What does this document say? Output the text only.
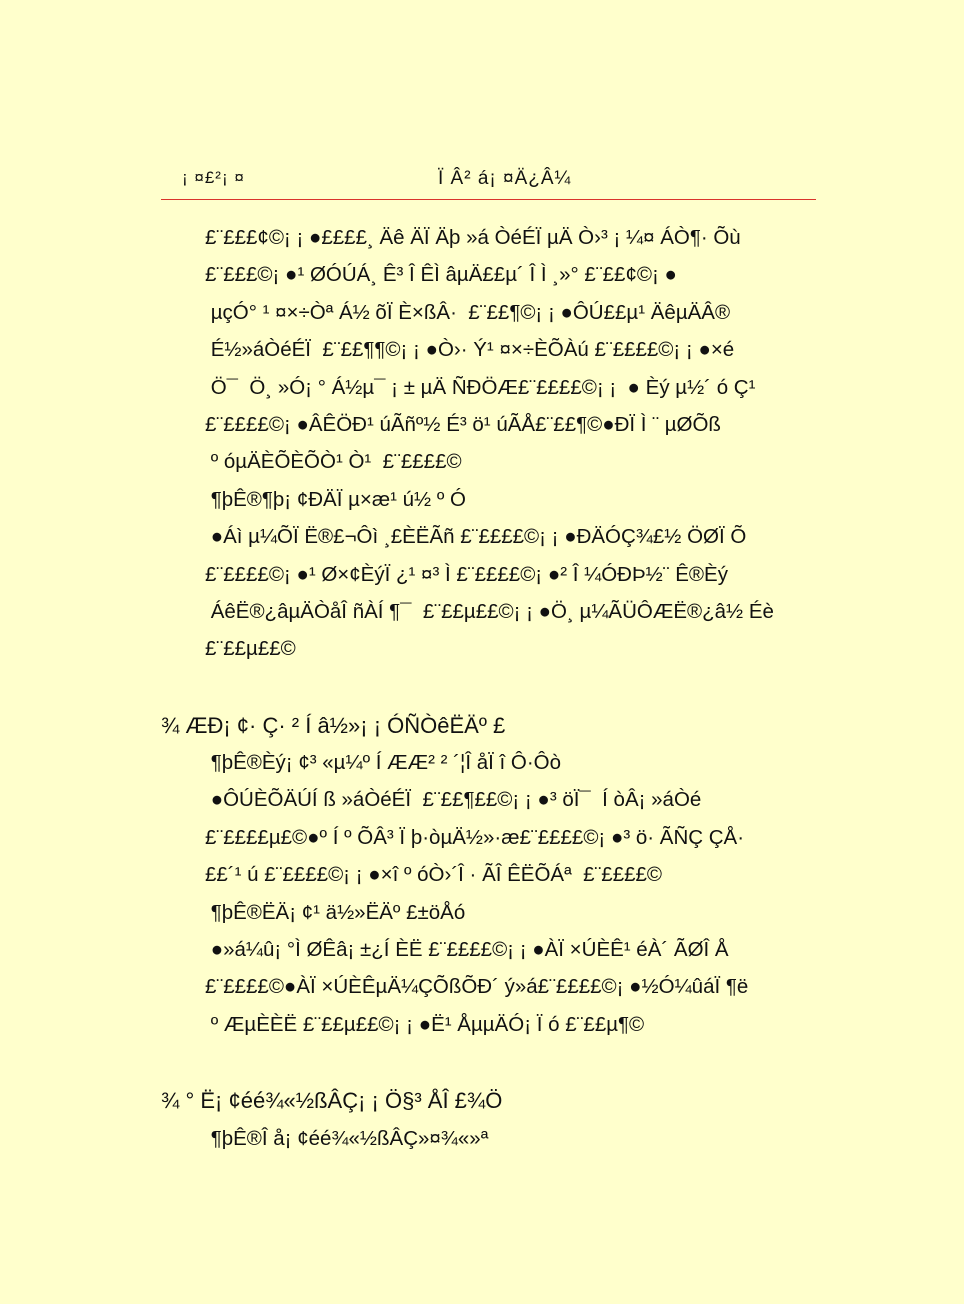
¡ ¤£²¡ ¤	Ï Â² á¡ ¤Ä¿Â¼
£¨£££¢©¡ ¡ ●££££¸ Äê ÄÏ Äþ »á ÒéÉÏ µÄ Ò›³ ¡ ¼¤ ÁÒ¶· Õù
£¨£££©¡ ●¹ ØÓÚÁ¸ Ê³ Î ÊÌ âµÄ££µ´ Î Ì ¸»° £¨££¢©¡ ●
µçÓ° ¹ ¤×÷Òª Á½ õÏ È×ßÂ·  £¨££¶©¡ ¡ ●ÔÚ££µ¹ ÄêµÄÂ®
É½»áÒéÉÏ  £¨££¶¶©¡ ¡ ●Ò›· Ý¹ ¤×÷ÈÕÀú £¨££££©¡ ¡ ●×é
Ö¯  Ö¸ »Ó¡ ° Á½µ¯ ¡ ± µÄ ÑÐÖÆ£¨££££©¡ ¡  ● Èý µ½´ ó Ç¹
£¨££££©¡ ●ÂÊÖÐ¹ úÃñº½ É³ ö¹ úÃÅ£¨££¶©●ÐÏ Ì ¨ µØÕß
º óµÄÈÕÈÕÒ¹ Ò¹  £¨££££©
¶þÊ®¶þ¡ ¢ÐÄÏ µ×æ¹ ú½ º Ó
●Áì µ¼ÕÏ Ë®£¬Ôì ¸£ÈËÃñ £¨££££©¡ ¡ ●ÐÄÓÇ¾£½ ÖØÏ Õ
£¨££££©¡ ●¹ Ø×¢ÈýÏ ¿¹ ¤³ Ì £¨££££©¡ ●² Î ¼ÓÐÞ½¨ Ê®Èý
ÁêË®¿âµÄÒåÎ ñÀÍ ¶¯  £¨££µ££©¡ ¡ ●Ö¸ µ¼ÃÜÔÆË®¿â½ Éè
£¨££µ££©
¾ ÆÐ¡ ¢· Ç· ² Í â½»¡ ¡ ÓÑÒêËÄº £
¶þÊ®Èý¡ ¢³ «µ¼º Í ÆÆ² ² ´¦Î åÏ î Ô·Ôò
●ÔÚÈÕÄÚÍ ß »áÒéÉÏ  £¨££¶££©¡ ¡ ●³ öÏ¯  Í òÂ¡ »áÒé
£¨££££µ£©●º Í º ÕÂ³ Ï þ·òµÄ½»·æ£¨££££©¡ ●³ ö· ÃÑÇ ÇÅ·
££´¹ ú £¨££££©¡ ¡ ●×î º óÒ›´Î · ÃÎ ÊËÕÁª  £¨££££©
¶þÊ®ËÄ¡ ¢¹ ä½»ËÄº £±öÅó
●»á¼û¡ °Ì ØÊâ¡ ±¿Í ÈË £¨££££©¡ ¡ ●ÀÏ ×ÚÈÊ¹ éÀ´ ÃØÎ Å
£¨££££©●ÀÏ ×ÚÈÊµÄ¼ÇÕßÕÐ´ ý»á£¨££££©¡ ●½Ó¼ûáÏ ¶ë
º ÆµÈÈË £¨££µ££©¡ ¡ ●Ë¹ ÅµµÄÓ¡ Ï ó £¨££µ¶©
¾ ° Ë¡ ¢éé¾«½ßÂÇ¡ ¡ Ö§³ ÅÎ £¾Ö
¶þÊ®Î å¡ ¢éé¾«½ßÂÇ»¤¾«»ª
